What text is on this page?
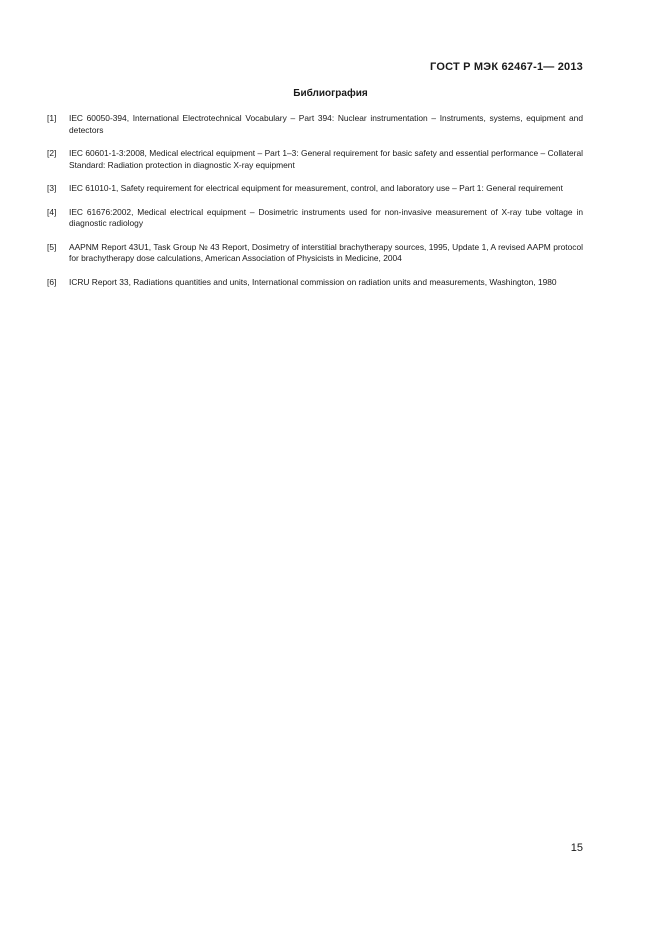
ГОСТ Р МЭК 62467-1— 2013
Библиография
[1]	IEC 60050-394, International Electrotechnical Vocabulary – Part 394: Nuclear instrumentation – Instruments, systems, equipment and detectors
[2]	IEC 60601-1-3:2008, Medical electrical equipment – Part 1–3: General requirement for basic safety and essential performance – Collateral Standard: Radiation protection in diagnostic X-ray equipment
[3]	IEC 61010-1, Safety requirement for electrical equipment for measurement, control, and laboratory use – Part 1: General requirement
[4]	IEC 61676:2002, Medical electrical equipment – Dosimetric instruments used for non-invasive measurement of X-ray tube voltage in diagnostic radiology
[5]	AAPNM Report 43U1, Task Group № 43 Report, Dosimetry of interstitial brachytherapy sources, 1995, Update 1, A revised AAPM protocol for brachytherapy dose calculations, American Association of Physicists in Medicine, 2004
[6]	ICRU Report 33, Radiations quantities and units, International commission on radiation units and measurements, Washington, 1980
15
